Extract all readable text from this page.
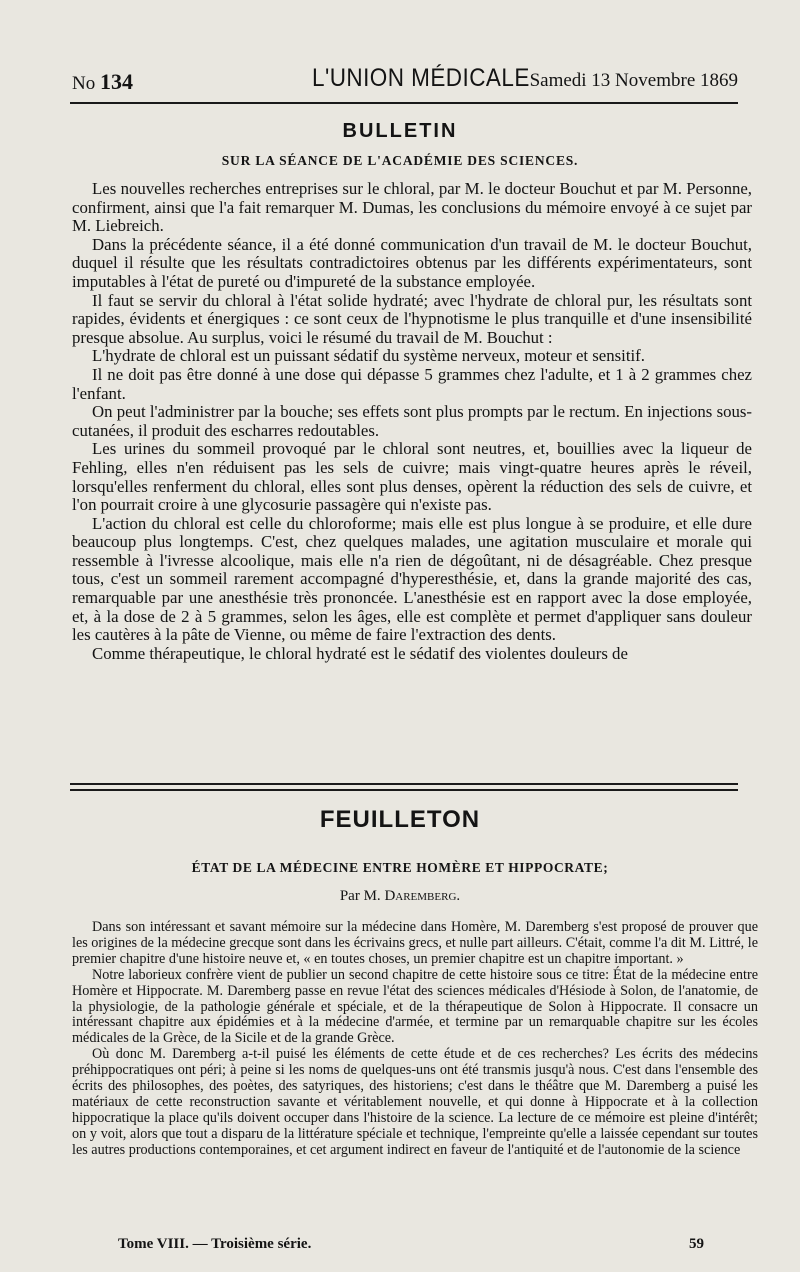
No 134	L'UNION MÉDICALE Samedi 13 Novembre 1869
BULLETIN
SUR LA SÉANCE DE L'ACADÉMIE DES SCIENCES.

Les nouvelles recherches entreprises sur le chloral, par M. le docteur Bouchut et par M. Personne, confirment, ainsi que l'a fait remarquer M. Dumas, les conclusions du mémoire envoyé à ce sujet par M. Liebreich.

Dans la précédente séance, il a été donné communication d'un travail de M. le docteur Bouchut, duquel il résulte que les résultats contradictoires obtenus par les différents expérimentateurs, sont imputables à l'état de pureté ou d'impureté de la substance employée.

Il faut se servir du chloral à l'état solide hydraté; avec l'hydrate de chloral pur, les résultats sont rapides, évidents et énergiques : ce sont ceux de l'hypnotisme le plus tranquille et d'une insensibilité presque absolue. Au surplus, voici le résumé du travail de M. Bouchut :

L'hydrate de chloral est un puissant sédatif du système nerveux, moteur et sensitif.

Il ne doit pas être donné à une dose qui dépasse 5 grammes chez l'adulte, et 1 à 2 grammes chez l'enfant.

On peut l'administrer par la bouche; ses effets sont plus prompts par le rectum. En injections sous-cutanées, il produit des escharres redoutables.

Les urines du sommeil provoqué par le chloral sont neutres, et, bouillies avec la liqueur de Fehling, elles n'en réduisent pas les sels de cuivre; mais vingt-quatre heures après le réveil, lorsqu'elles renferment du chloral, elles sont plus denses, opèrent la réduction des sels de cuivre, et l'on pourrait croire à une glycosurie passagère qui n'existe pas.

L'action du chloral est celle du chloroforme; mais elle est plus longue à se produire, et elle dure beaucoup plus longtemps. C'est, chez quelques malades, une agitation musculaire et morale qui ressemble à l'ivresse alcoolique, mais elle n'a rien de dégoûtant, ni de désagréable. Chez presque tous, c'est un sommeil rarement accompagné d'hyperesthésie, et, dans la grande majorité des cas, remarquable par une anesthésie très prononcée. L'anesthésie est en rapport avec la dose employée, et, à la dose de 2 à 5 grammes, selon les âges, elle est complète et permet d'appliquer sans douleur les cautères à la pâte de Vienne, ou même de faire l'extraction des dents.

Comme thérapeutique, le chloral hydraté est le sédatif des violentes douleurs de

FEUILLETON
ÉTAT DE LA MÉDECINE ENTRE HOMÈRE ET HIPPOCRATE;
Par M. Daremberg.

Dans son intéressant et savant mémoire sur la médecine dans Homère, M. Daremberg s'est proposé de prouver que les origines de la médecine grecque sont dans les écrivains grecs, et nulle part ailleurs. C'était, comme l'a dit M. Littré, le premier chapitre d'une histoire neuve et, « en toutes choses, un premier chapitre est un chapitre important. »

Notre laborieux confrère vient de publier un second chapitre de cette histoire sous ce titre: État de la médecine entre Homère et Hippocrate. M. Daremberg passe en revue l'état des sciences médicales d'Hésiode à Solon, de l'anatomie, de la physiologie, de la pathologie générale et spéciale, et de la thérapeutique de Solon à Hippocrate. Il consacre un intéressant chapitre aux épidémies et à la médecine d'armée, et termine par un remarquable chapitre sur les écoles médicales de la Grèce, de la Sicile et de la grande Grèce.

Où donc M. Daremberg a-t-il puisé les éléments de cette étude et de ces recherches? Les écrits des médecins préhippocratiques ont péri; à peine si les noms de quelques-uns ont été transmis jusqu'à nous. C'est dans l'ensemble des écrits des philosophes, des poètes, des satyriques, des historiens; c'est dans le théâtre que M. Daremberg a puisé les matériaux de cette reconstruction savante et véritablement nouvelle, et qui donne à Hippocrate et à la collection hippocratique la place qu'ils doivent occuper dans l'histoire de la science. La lecture de ce mémoire est pleine d'intérêt; on y voit, alors que tout a disparu de la littérature spéciale et technique, l'empreinte qu'elle a laissée cependant sur toutes les autres productions contemporaines, et cet argument indirect en faveur de l'antiquité et de l'autonomie de la science

Tome VIII. — Troisième série.	59
